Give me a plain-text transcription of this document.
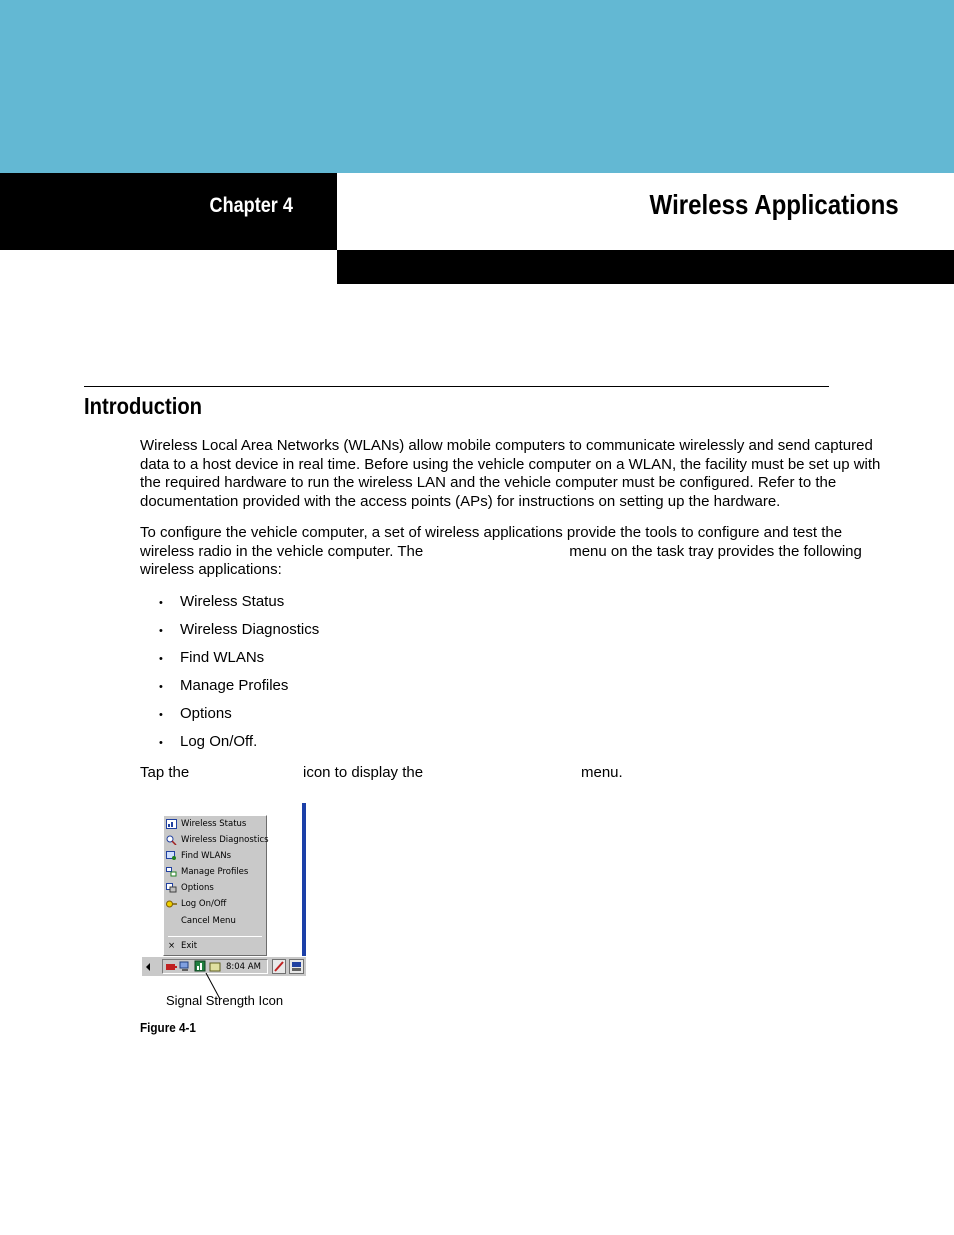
Chapter 4	Wireless Applications
Introduction

Wireless Local Area Networks (WLANs) allow mobile computers to communicate wirelessly and send captured data to a host device in real time. Before using the vehicle computer on a WLAN, the facility must be set up with the required hardware to run the wireless LAN and the vehicle computer must be configured. Refer to the documentation provided with the access points (APs) for instructions on setting up the hardware.

To configure the vehicle computer, a set of wireless applications provide the tools to configure and test the wireless radio in the vehicle computer. The	menu on the task tray provides the following wireless applications:

• Wireless Status
• Wireless Diagnostics
• Find WLANs
• Manage Profiles
• Options
• Log On/Off.
Tap the	icon to display the	menu.
Wireless Status
Wireless Diagnostics
Find WLANs
Manage Profiles
Options
Log On/Off
Cancel Menu
× Exit
8:04 AM
Signal Strength Icon
Figure 4-1
